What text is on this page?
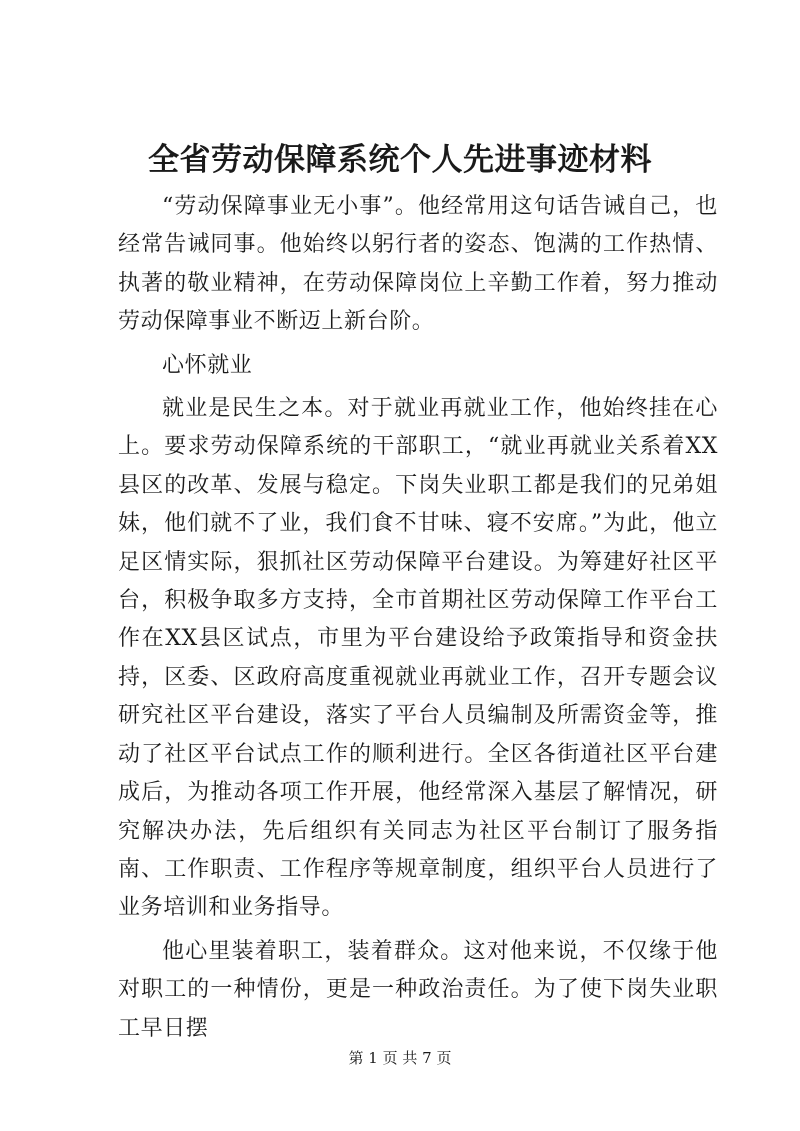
全省劳动保障系统个人先进事迹材料

“劳动保障事业无小事”。他经常用这句话告诫自己，也经常告诫同事。他始终以躬行者的姿态、饱满的工作热情、执著的敬业精神，在劳动保障岗位上辛勤工作着，努力推动劳动保障事业不断迈上新台阶。

心怀就业

就业是民生之本。对于就业再就业工作，他始终挂在心上。要求劳动保障系统的干部职工，“就业再就业关系着XX县区的改革、发展与稳定。下岗失业职工都是我们的兄弟姐妹，他们就不了业，我们食不甘味、寝不安席。”为此，他立足区情实际，狠抓社区劳动保障平台建设。为筹建好社区平台，积极争取多方支持，全市首期社区劳动保障工作平台工作在XX县区试点，市里为平台建设给予政策指导和资金扶持，区委、区政府高度重视就业再就业工作，召开专题会议研究社区平台建设，落实了平台人员编制及所需资金等，推动了社区平台试点工作的顺利进行。全区各街道社区平台建成后，为推动各项工作开展，他经常深入基层了解情况，研究解决办法，先后组织有关同志为社区平台制订了服务指南、工作职责、工作程序等规章制度，组织平台人员进行了业务培训和业务指导。

他心里装着职工，装着群众。这对他来说，不仅缘于他对职工的一种情份，更是一种政治责任。为了使下岗失业职工早日摆

第 1 页 共 7 页
